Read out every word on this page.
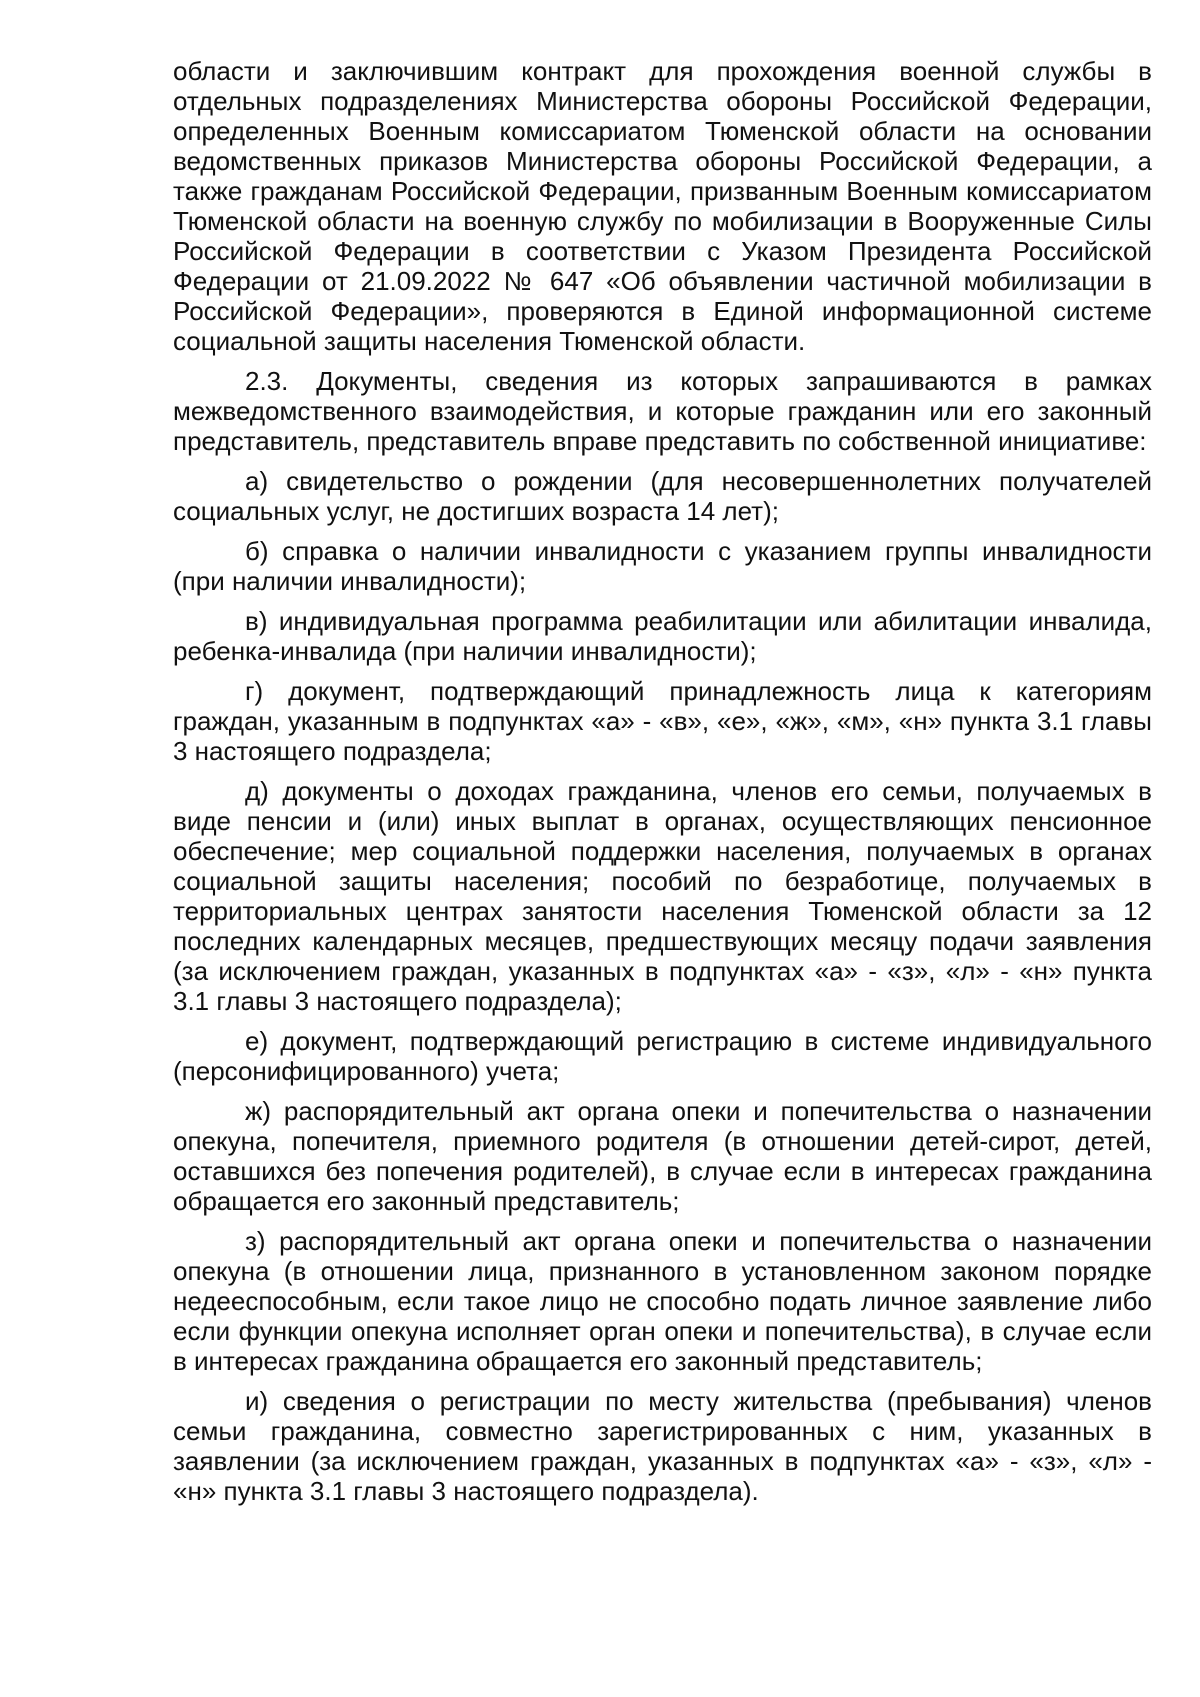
области и заключившим контракт для прохождения военной службы в отдельных подразделениях Министерства обороны Российской Федерации, определенных Военным комиссариатом Тюменской области на основании ведомственных приказов Министерства обороны Российской Федерации, а также гражданам Российской Федерации, призванным Военным комиссариатом Тюменской области на военную службу по мобилизации в Вооруженные Силы Российской Федерации в соответствии с Указом Президента Российской Федерации от 21.09.2022 № 647 «Об объявлении частичной мобилизации в Российской Федерации», проверяются в Единой информационной системе социальной защиты населения Тюменской области.

2.3. Документы, сведения из которых запрашиваются в рамках межведомственного взаимодействия, и которые гражданин или его законный представитель, представитель вправе представить по собственной инициативе:

а) свидетельство о рождении (для несовершеннолетних получателей социальных услуг, не достигших возраста 14 лет);

б) справка о наличии инвалидности с указанием группы инвалидности (при наличии инвалидности);

в) индивидуальная программа реабилитации или абилитации инвалида, ребенка-инвалида (при наличии инвалидности);

г) документ, подтверждающий принадлежность лица к категориям граждан, указанным в подпунктах «а» - «в», «е», «ж», «м», «н» пункта 3.1 главы 3 настоящего подраздела;

д) документы о доходах гражданина, членов его семьи, получаемых в виде пенсии и (или) иных выплат в органах, осуществляющих пенсионное обеспечение; мер социальной поддержки населения, получаемых в органах социальной защиты населения; пособий по безработице, получаемых в территориальных центрах занятости населения Тюменской области за 12 последних календарных месяцев, предшествующих месяцу подачи заявления (за исключением граждан, указанных в подпунктах «а» - «з», «л» - «н» пункта 3.1 главы 3 настоящего подраздела);

е) документ, подтверждающий регистрацию в системе индивидуального (персонифицированного) учета;

ж) распорядительный акт органа опеки и попечительства о назначении опекуна, попечителя, приемного родителя (в отношении детей-сирот, детей, оставшихся без попечения родителей), в случае если в интересах гражданина обращается его законный представитель;

з) распорядительный акт органа опеки и попечительства о назначении опекуна (в отношении лица, признанного в установленном законом порядке недееспособным, если такое лицо не способно подать личное заявление либо если функции опекуна исполняет орган опеки и попечительства), в случае если в интересах гражданина обращается его законный представитель;

и) сведения о регистрации по месту жительства (пребывания) членов семьи гражданина, совместно зарегистрированных с ним, указанных в заявлении (за исключением граждан, указанных в подпунктах «а» - «з», «л» - «н» пункта 3.1 главы 3 настоящего подраздела).
